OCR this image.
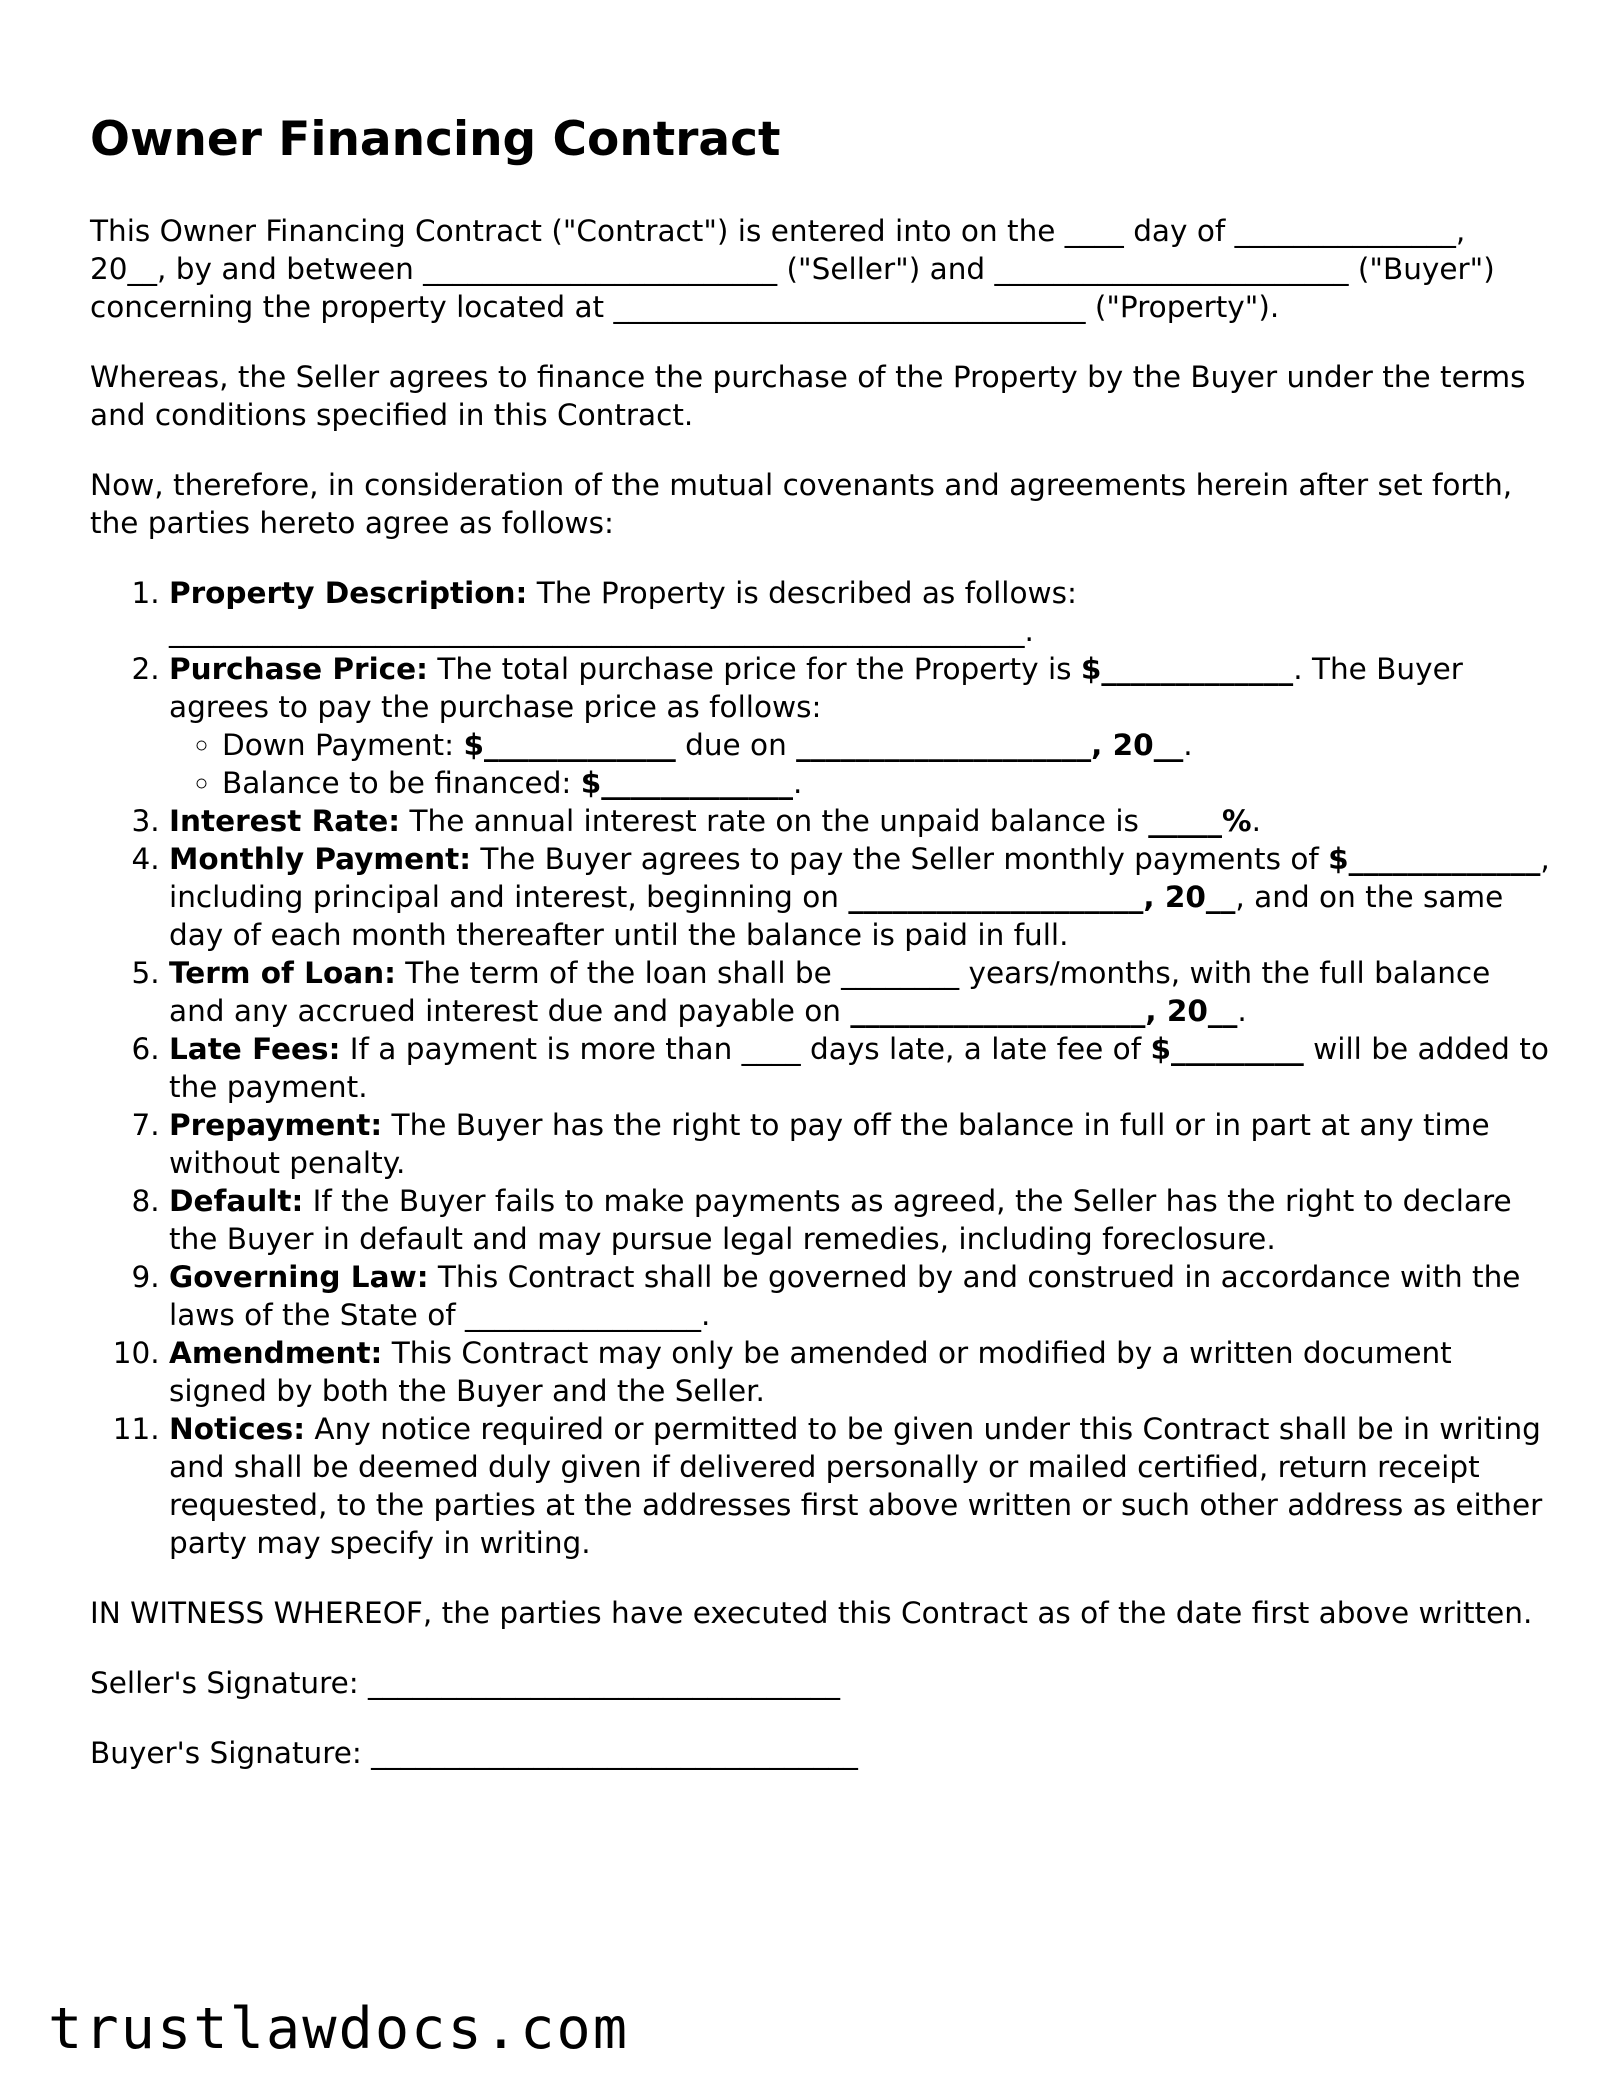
Owner Financing Contract

This Owner Financing Contract ("Contract") is entered into on the ____ day of _______________, 20__, by and between ________________________ ("Seller") and ________________________ ("Buyer") concerning the property located at ________________________________ ("Property").

Whereas, the Seller agrees to finance the purchase of the Property by the Buyer under the terms and conditions specified in this Contract.

Now, therefore, in consideration of the mutual covenants and agreements herein after set forth, the parties hereto agree as follows:

1. Property Description: The Property is described as follows: __________________________________________________________.
2. Purchase Price: The total purchase price for the Property is $_____________. The Buyer agrees to pay the purchase price as follows:
◦ Down Payment: $_____________ due on ____________________, 20__.
◦ Balance to be financed: $_____________.
3. Interest Rate: The annual interest rate on the unpaid balance is _____%.
4. Monthly Payment: The Buyer agrees to pay the Seller monthly payments of $_____________, including principal and interest, beginning on ____________________, 20__, and on the same day of each month thereafter until the balance is paid in full.
5. Term of Loan: The term of the loan shall be ________ years/months, with the full balance and any accrued interest due and payable on ____________________, 20__.
6. Late Fees: If a payment is more than ____ days late, a late fee of $_________ will be added to the payment.
7. Prepayment: The Buyer has the right to pay off the balance in full or in part at any time without penalty.
8. Default: If the Buyer fails to make payments as agreed, the Seller has the right to declare the Buyer in default and may pursue legal remedies, including foreclosure.
9. Governing Law: This Contract shall be governed by and construed in accordance with the laws of the State of ________________.
10. Amendment: This Contract may only be amended or modified by a written document signed by both the Buyer and the Seller.
11. Notices: Any notice required or permitted to be given under this Contract shall be in writing and shall be deemed duly given if delivered personally or mailed certified, return receipt requested, to the parties at the addresses first above written or such other address as either party may specify in writing.

IN WITNESS WHEREOF, the parties have executed this Contract as of the date first above written.

Seller's Signature: ________________________________
Buyer's Signature: _________________________________
trustlawdocs.com
